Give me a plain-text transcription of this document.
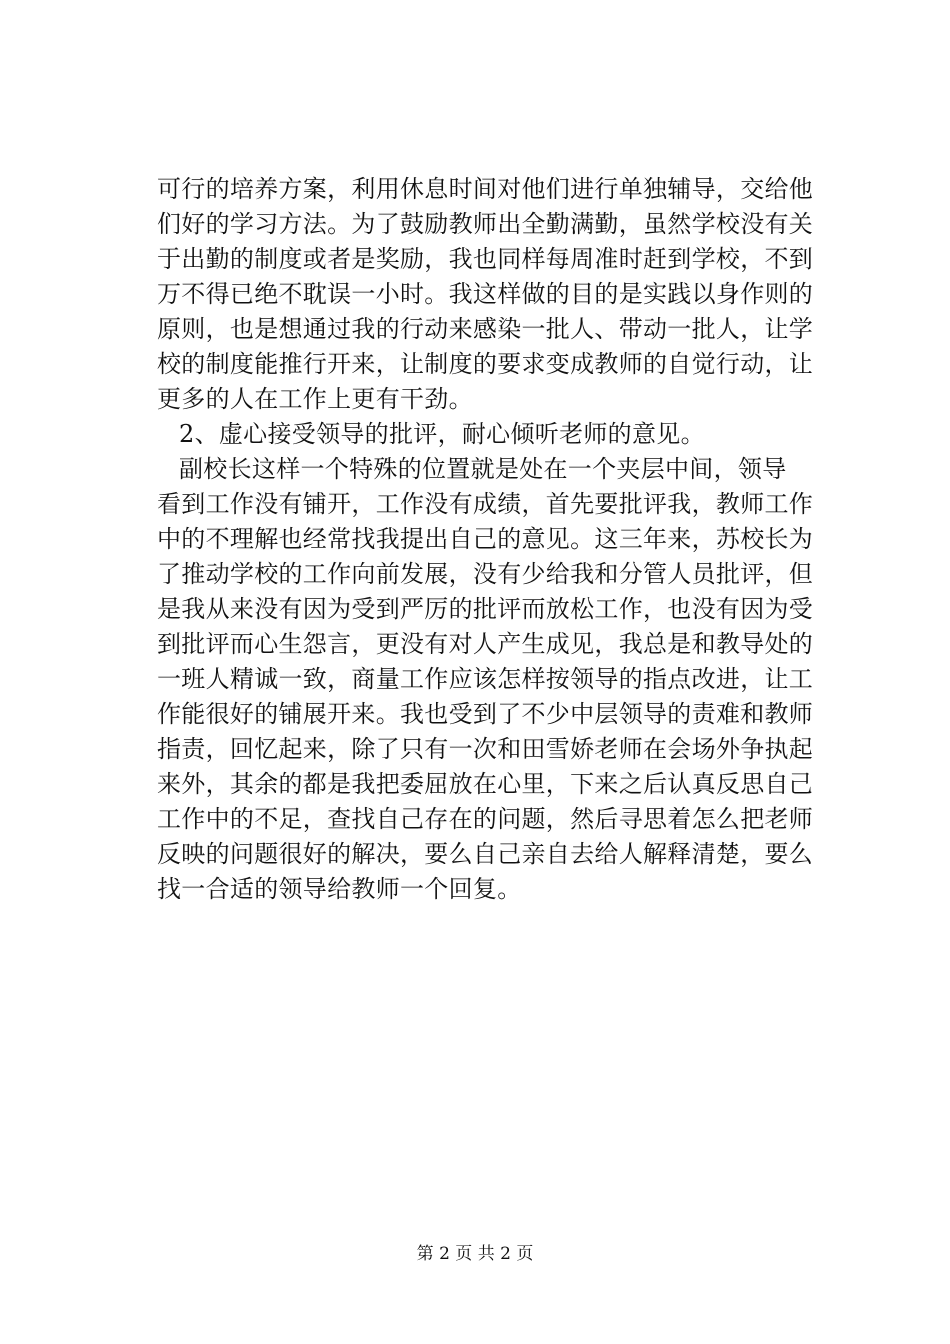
可行的培养方案，利用休息时间对他们进行单独辅导，交给他
们好的学习方法。为了鼓励教师出全勤满勤，虽然学校没有关
于出勤的制度或者是奖励，我也同样每周准时赶到学校，不到
万不得已绝不耽误一小时。我这样做的目的是实践以身作则的
原则，也是想通过我的行动来感染一批人、带动一批人，让学
校的制度能推行开来，让制度的要求变成教师的自觉行动，让
更多的人在工作上更有干劲。
2、虚心接受领导的批评，耐心倾听老师的意见。
副校长这样一个特殊的位置就是处在一个夹层中间，领导
看到工作没有铺开，工作没有成绩，首先要批评我，教师工作
中的不理解也经常找我提出自己的意见。这三年来，苏校长为
了推动学校的工作向前发展，没有少给我和分管人员批评，但
是我从来没有因为受到严厉的批评而放松工作，也没有因为受
到批评而心生怨言，更没有对人产生成见，我总是和教导处的
一班人精诚一致，商量工作应该怎样按领导的指点改进，让工
作能很好的铺展开来。我也受到了不少中层领导的责难和教师
指责，回忆起来，除了只有一次和田雪娇老师在会场外争执起
来外，其余的都是我把委屈放在心里，下来之后认真反思自己
工作中的不足，查找自己存在的问题，然后寻思着怎么把老师
反映的问题很好的解决，要么自己亲自去给人解释清楚，要么
找一合适的领导给教师一个回复。
第 2 页 共 2 页
